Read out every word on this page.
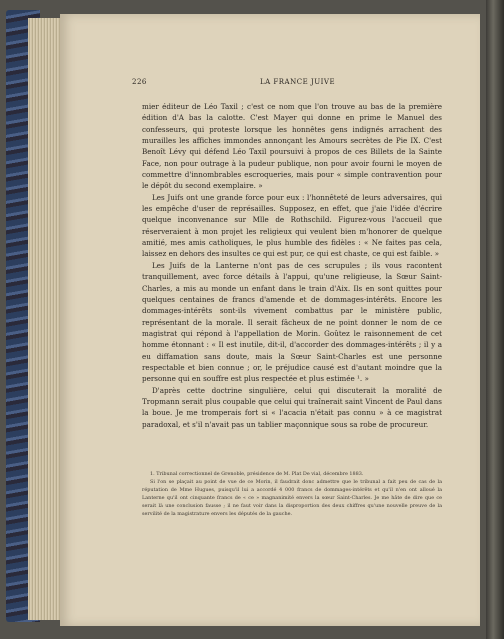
226	LA FRANCE JUIVE

mier éditeur de Léo Taxil ; c'est ce nom que l'on trouve au bas de la première édition d'A bas la calotte. C'est Mayer qui donne en prime le Manuel des confesseurs, qui proteste lorsque les honnêtes gens indignés arrachent des murailles les affiches immondes annonçant les Amours secrètes de Pie IX. C'est Benoît Lévy qui défend Léo Taxil poursuivi à propos de ces Billets de la Sainte Face, non pour outrage à la pudeur publique, non pour avoir fourni le moyen de commettre d'innombrables escroqueries, mais pour « simple contravention pour le dépôt du second exemplaire. »

Les Juifs ont une grande force pour eux : l'honnêteté de leurs adversaires, qui les empêche d'user de représailles. Supposez, en effet, que j'aie l'idée d'écrire quelque inconvenance sur Mlle de Rothschild. Figurez-vous l'accueil que réserveraient à mon projet les religieux qui veulent bien m'honorer de quelque amitié, mes amis catholiques, le plus humble des fidèles : « Ne faites pas cela, laissez en dehors des insultes ce qui est pur, ce qui est chaste, ce qui est faible. »

Les Juifs de la Lanterne n'ont pas de ces scrupules ; ils vous racontent tranquillement, avec force détails à l'appui, qu'une religieuse, la Sœur Saint-Charles, a mis au monde un enfant dans le train d'Aix. Ils en sont quittes pour quelques centaines de francs d'amende et de dommages-intérêts. Encore les dommages-intérêts sont-ils vivement combattus par le ministère public, représentant de la morale. Il serait fâcheux de ne point donner le nom de ce magistrat qui répond à l'appellation de Morin. Goûtez le raisonnement de cet homme étonnant : « Il est inutile, dit-il, d'accorder des dommages-intérêts ; il y a eu diffamation sans doute, mais la Sœur Saint-Charles est une personne respectable et bien connue ; or, le préjudice causé est d'autant moindre que la personne qui en souffre est plus respectée et plus estimée ¹. »

D'après cette doctrine singulière, celui qui discuterait la moralité de Tropmann serait plus coupable que celui qui traînerait saint Vincent de Paul dans la boue. Je me tromperais fort si « l'acacia n'était pas connu » à ce magistrat paradoxal, et s'il n'avait pas un tablier maçonnique sous sa robe de procureur.

1. Tribunal correctionnel de Grenoble, présidence de M. Plat De vial, décembre 1883.

Si l'on se plaçait au point de vue de ce Morin, il faudrait donc admettre que le tribunal a fait peu de cas de la réputation de Mme Hugues, puisqu'il lui a accordé 4 000 francs de dommages-intérêts et qu'il n'en ont alloué la Lanterne qu'il ont cinquante francs de « ce » magnanimité envers la sœur Saint-Charles. Je me hâte de dire que ce serait là une conclusion fausse ; il ne faut voir dans la disproportion des deux chiffres qu'une nouvelle preuve de la servilité de la magistrature envers les députés de la gauche.
